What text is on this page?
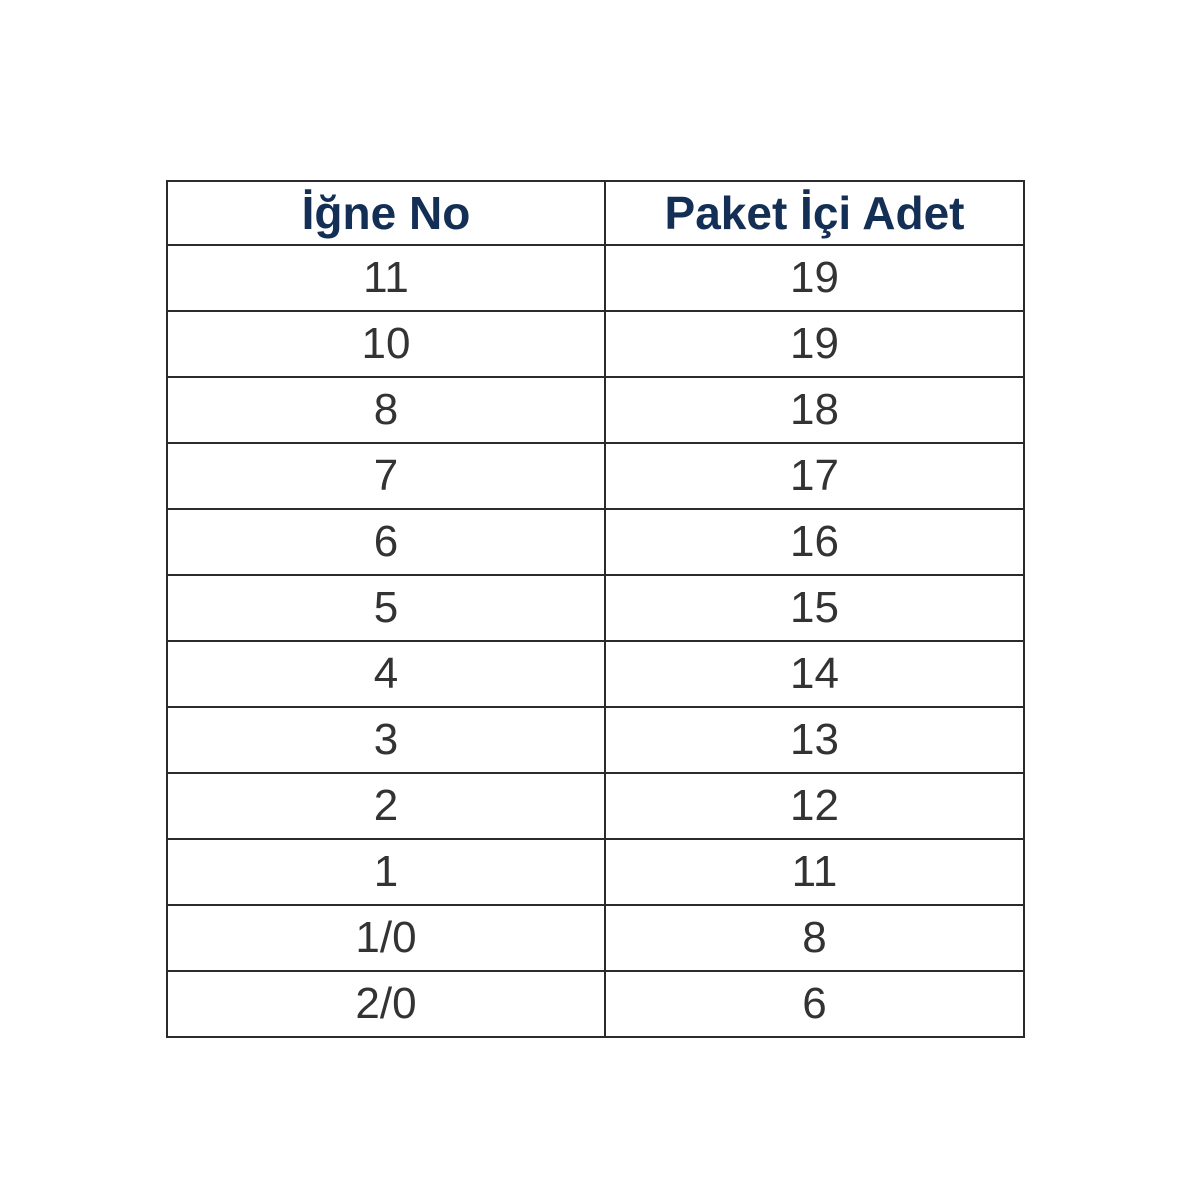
İğne No	Paket İçi Adet
11	19
10	19
8	18
7	17
6	16
5	15
4	14
3	13
2	12
1	11
1/0	8
2/0	6
